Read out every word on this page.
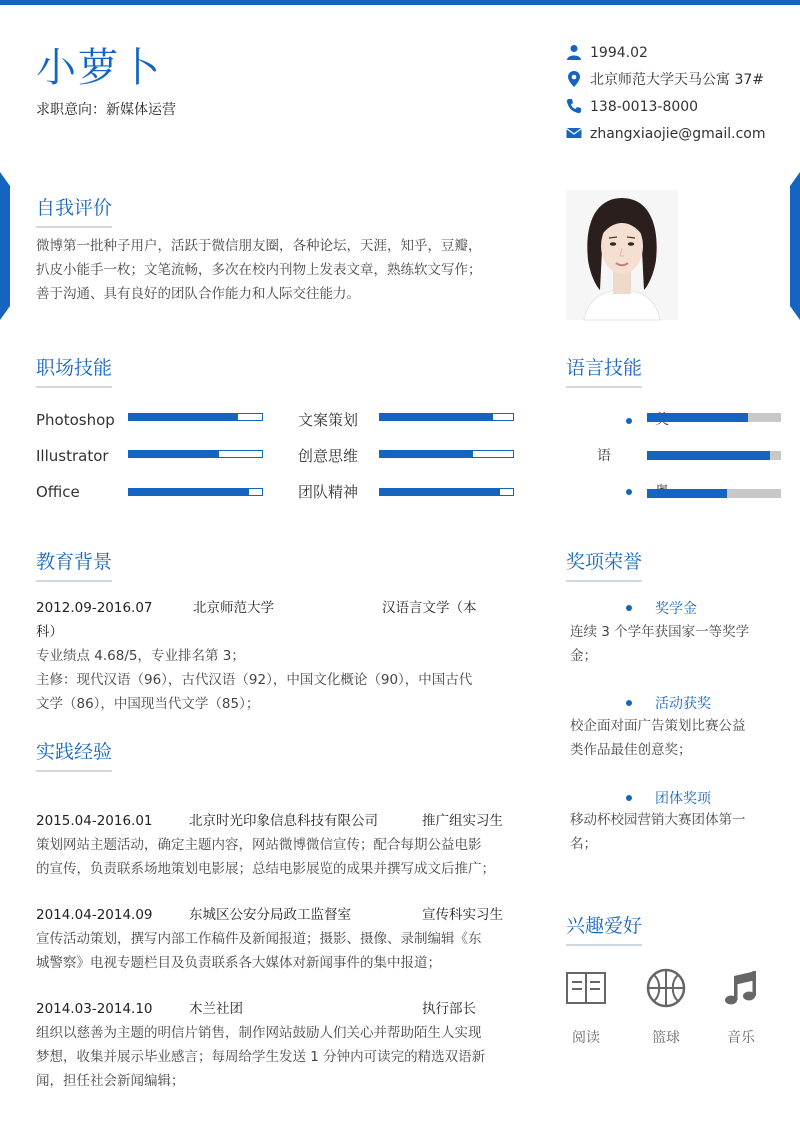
小萝卜
求职意向：新媒体运营
1994.02
北京师范大学天马公寓 37#
138-0013-8000
zhangxiaojie@gmail.com
自我评价
微博第一批种子用户，活跃于微信朋友圈，各种论坛，天涯，知乎，豆瓣，
扒皮小能手一枚；文笔流畅，多次在校内刊物上发表文章，熟练软文写作；
善于沟通、具有良好的团队合作能力和人际交往能力。
职场技能
Photoshop
Illustrator
Office
文案策划
创意思维
团队精神
语言技能
语
教育背景
2012.09-2016.07　　　北京师范大学　　　　　　　　汉语言文学（本
科）
专业绩点 4.68/5，专业排名第 3；
主修：现代汉语（96），古代汉语（92），中国文化概论（90），中国古代
文学（86），中国现当代文学（85）；
实践经验
2015.04-2016.01	北京时光印象信息科技有限公司	推广组实习生
策划网站主题活动，确定主题内容，网站微博微信宣传；配合每期公益电影
的宣传，负责联系场地策划电影展；总结电影展览的成果并撰写成文后推广；
2014.04-2014.09	东城区公安分局政工监督室	宣传科实习生
宣传活动策划，撰写内部工作稿件及新闻报道；摄影、摄像、录制编辑《东
城警察》电视专题栏目及负责联系各大媒体对新闻事件的集中报道；
2014.03-2014.10	木兰社团	执行部长
组织以慈善为主题的明信片销售，制作网站鼓励人们关心并帮助陌生人实现
梦想，收集并展示毕业感言；每周给学生发送 1 分钟内可读完的精选双语新
闻，担任社会新闻编辑；
奖项荣誉
奖学金
连续 3 个学年获国家一等奖学
金；
活动获奖
校企面对面广告策划比赛公益
类作品最佳创意奖；
团体奖项
移动杯校园营销大赛团体第一
名；
兴趣爱好
阅读	篮球	音乐
